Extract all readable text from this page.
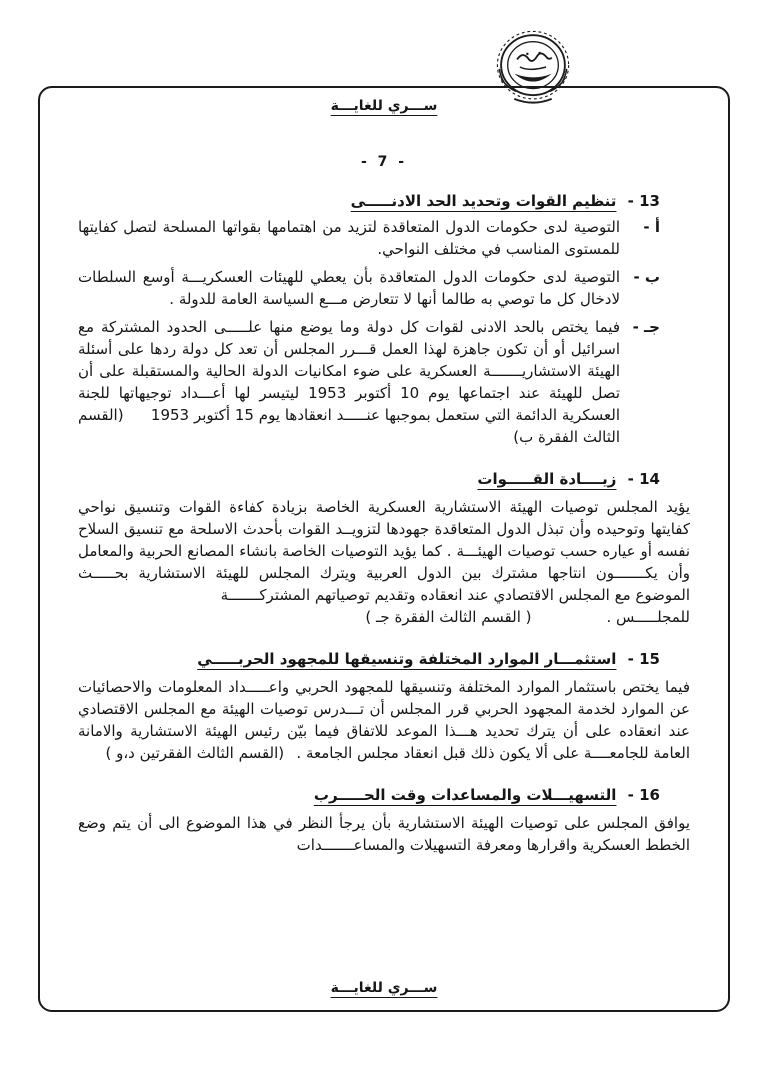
ســـري للغايـــة
- 7 -
13 - تنظيم القوات وتحديد الحد الادنـــــى
أ -
التوصية لدى حكومات الدول المتعاقدة لتزيد من اهتمامها بقواتها المسلحة لتصل كفايتها للمستوى المناسب في مختلف النواحي.
ب -
التوصية لدى حكومات الدول المتعاقدة بأن يعطي للهيئات العسكريـــة أوسع السلطات لادخال كل ما توصي به طالما أنها لا تتعارض مـــع السياسة العامة للدولة .
جـ -
فيما يختص بالحد الادنى لقوات كل دولة وما يوضع منها علـــــى الحدود المشتركة مع اسرائيل أو أن تكون جاهزة لهذا العمل قـــرر المجلس أن تعد كل دولة ردها على أسئلة الهيئة الاستشاريـــــــة العسكرية على ضوء امكانيات الدولة الحالية والمستقبلة على أن تصل للهيئة عند اجتماعها يوم 10 أكتوبر 1953 ليتيسر لها أعـــداد توجيهاتها للجنة العسكرية الدائمة التي ستعمل بموجبها عنـــــد انعقادها يوم 15 أكتوبر 1953   (القسم الثالث الفقرة ب)
14 - زيــــادة القـــــوات
يؤيد المجلس توصيات الهيئة الاستشارية العسكرية الخاصة بزيادة كفاءة القوات وتنسيق نواحي كفايتها وتوحيده وأن تبذل الدول المتعاقدة جهودها لتزويــد القوات بأحدث الاسلحة مع تنسيق السلاح نفسه أو عياره حسب توصيات الهيئـــة . كما يؤيد التوصيات الخاصة بانشاء المصانع الحربية والمعامل وأن يكـــــــون انتاجها مشترك بين الدول العربية ويترك المجلس للهيئة الاستشارية بحـــــث الموضوع مع المجلس الاقتصادي عند انعقاده وتقديم توصياتهم المشتركـــــــة
للمجلـــــس .     ( القسم الثالث الفقرة جـ )
15 - استثمـــار الموارد المختلفة وتنسيقها للمجهود الحربـــــي
فيما يختص باستثمار الموارد المختلفة وتنسيقها للمجهود الحربي واعـــــداد المعلومات والاحصائيات عن الموارد لخدمة المجهود الحربي قرر المجلس أن تـــدرس توصيات الهيئة مع المجلس الاقتصادي عند انعقاده على أن يترك تحديد هـــذا الموعد للاتفاق فيما بيّن رئيس الهيئة الاستشارية والامانة العامة للجامعــــة على ألا يكون ذلك قبل انعقاد مجلس الجامعة .  (القسم الثالث الفقرتين د،و )
16 - التسهيـــلات والمساعدات وقت الحـــــرب
يوافق المجلس على توصيات الهيئة الاستشارية بأن يرجأ النظر في هذا الموضوع الى أن يتم وضع الخطط العسكرية واقرارها ومعرفة التسهيلات والمساعـــــــدات
ســـري للغايـــة
